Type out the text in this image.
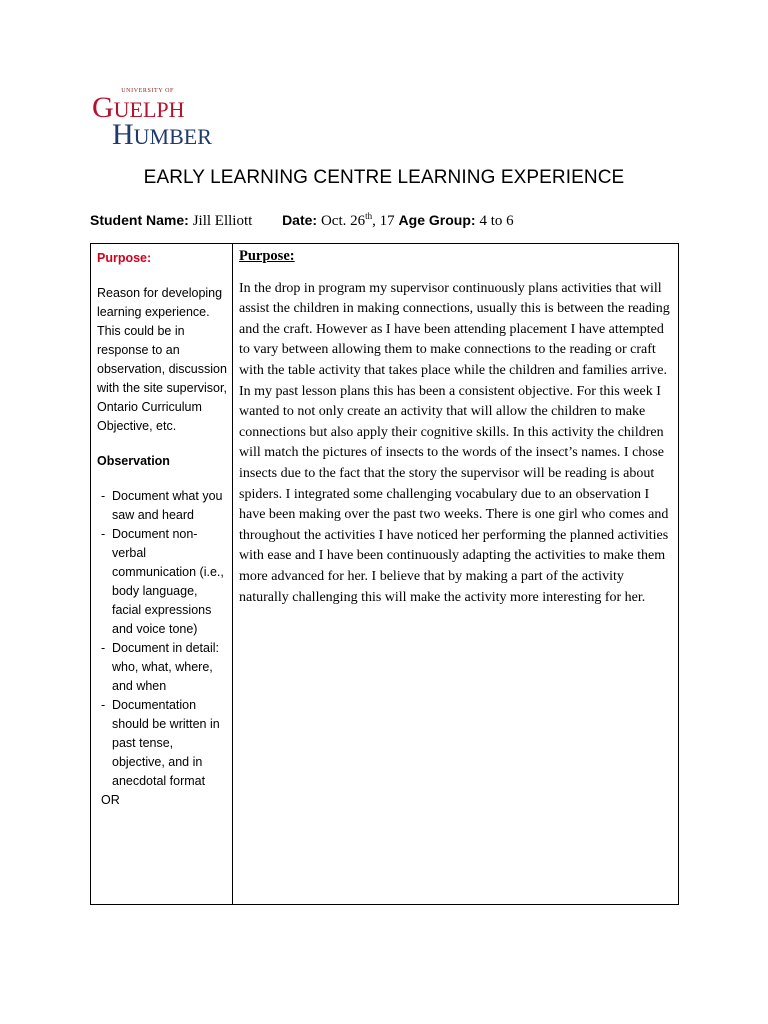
UNIVERSITY OF
GUELPH
HUMBER
EARLY LEARNING CENTRE LEARNING EXPERIENCE
Student Name: Jill Elliott Date: Oct. 26th, 17 Age Group: 4 to 6
Purpose:
Reason for developing learning experience. This could be in response to an observation, discussion with the site supervisor, Ontario Curriculum Objective, etc.
Observation
- Document what you saw and heard
- Document non-verbal communication (i.e., body language, facial expressions and voice tone)
- Document in detail: who, what, where, and when
- Documentation should be written in past tense, objective, and in anecdotal format
OR

Purpose:
In the drop in program my supervisor continuously plans activities that will assist the children in making connections, usually this is between the reading and the craft. However as I have been attending placement I have attempted to vary between allowing them to make connections to the reading or craft with the table activity that takes place while the children and families arrive. In my past lesson plans this has been a consistent objective. For this week I wanted to not only create an activity that will allow the children to make connections but also apply their cognitive skills. In this activity the children will match the pictures of insects to the words of the insect’s names. I chose insects due to the fact that the story the supervisor will be reading is about spiders. I integrated some challenging vocabulary due to an observation I have been making over the past two weeks. There is one girl who comes and throughout the activities I have noticed her performing the planned activities with ease and I have been continuously adapting the activities to make them more advanced for her. I believe that by making a part of the activity naturally challenging this will make the activity more interesting for her.
